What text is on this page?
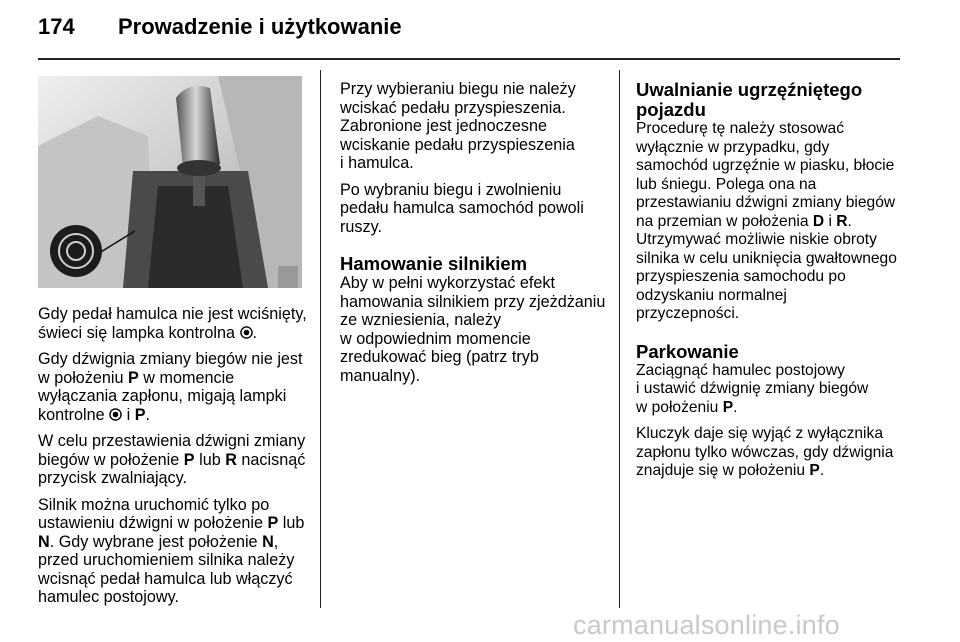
174 Prowadzenie i użytkowanie

Gdy pedał hamulca nie jest wciśnięty,
świeci się lampka kontrolna .

Gdy dźwignia zmiany biegów nie jest
w położeniu P w momencie
wyłączania zapłonu, migają lampki
kontrolne  i P.

W celu przestawienia dźwigni zmiany
biegów w położenie P lub R nacisnąć
przycisk zwalniający.

Silnik można uruchomić tylko po
ustawieniu dźwigni w położenie P lub
N. Gdy wybrane jest położenie N,
przed uruchomieniem silnika należy
wcisnąć pedał hamulca lub włączyć
hamulec postojowy.

Przy wybieraniu biegu nie należy
wciskać pedału przyspieszenia.
Zabronione jest jednoczesne
wciskanie pedału przyspieszenia
i hamulca.

Po wybraniu biegu i zwolnieniu
pedału hamulca samochód powoli
ruszy.

Hamowanie silnikiem

Aby w pełni wykorzystać efekt
hamowania silnikiem przy zjeżdżaniu
ze wzniesienia, należy
w odpowiednim momencie
zredukować bieg (patrz tryb
manualny).

Uwalnianie ugrzęźniętego
pojazdu

Procedurę tę należy stosować
wyłącznie w przypadku, gdy
samochód ugrzęźnie w piasku, błocie
lub śniegu. Polega ona na
przestawianiu dźwigni zmiany biegów
na przemian w położenia D i R.
Utrzymywać możliwie niskie obroty
silnika w celu uniknięcia gwałtownego
przyspieszenia samochodu po
odzyskaniu normalnej
przyczepności.

Parkowanie

Zaciągnąć hamulec postojowy
i ustawić dźwignię zmiany biegów
w położeniu P.

Kluczyk daje się wyjąć z wyłącznika
zapłonu tylko wówczas, gdy dźwignia
znajduje się w położeniu P.

carmanualsonline.info
